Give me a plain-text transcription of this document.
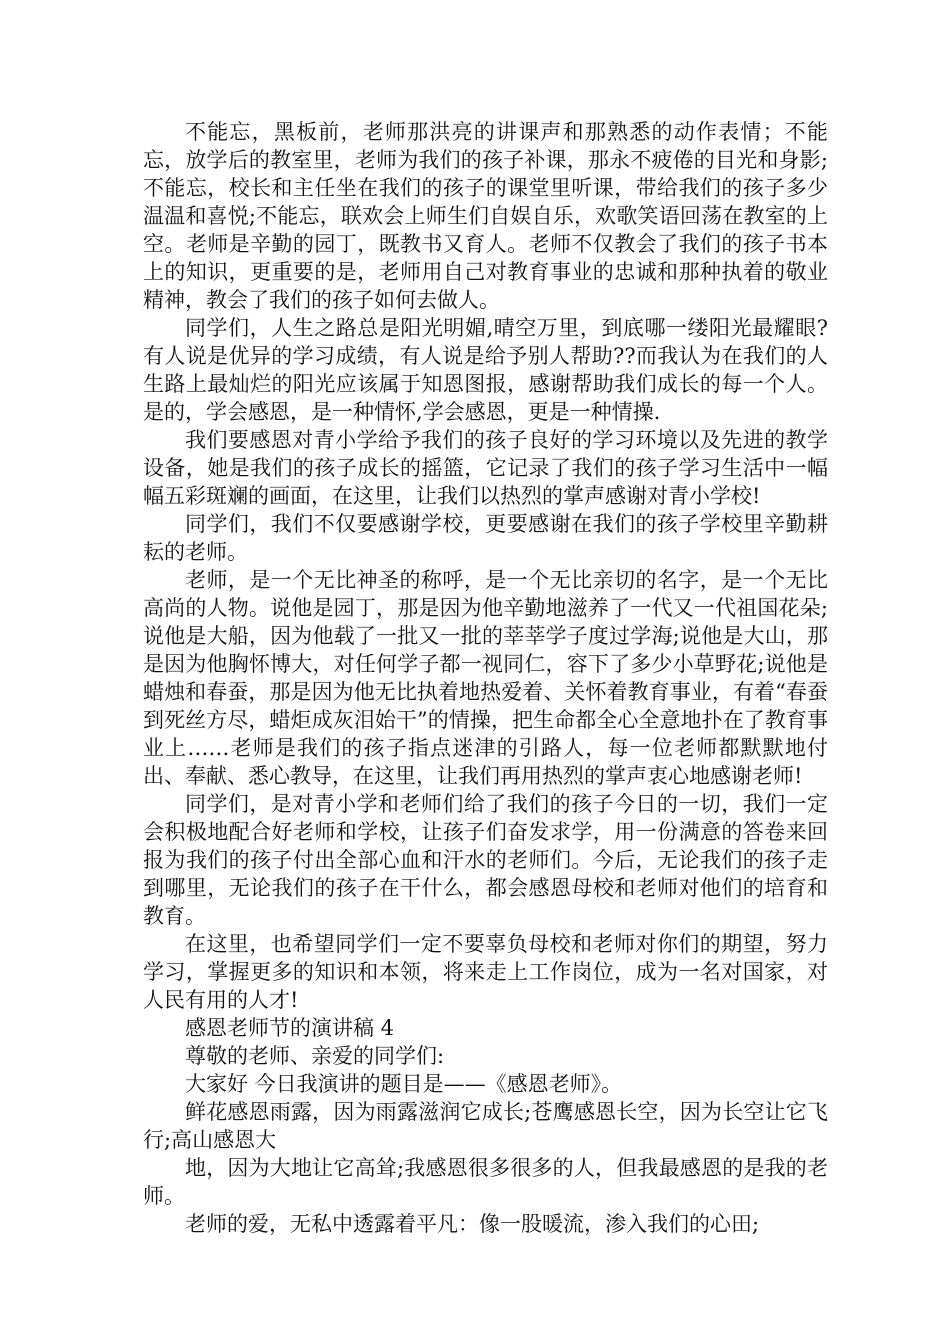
不能忘，黑板前，老师那洪亮的讲课声和那熟悉的动作表情；不能忘，放学后的教室里，老师为我们的孩子补课，那永不疲倦的目光和身影;不能忘，校长和主任坐在我们的孩子的课堂里听课，带给我们的孩子多少温温和喜悦;不能忘，联欢会上师生们自娱自乐，欢歌笑语回荡在教室的上空。老师是辛勤的园丁，既教书又育人。老师不仅教会了我们的孩子书本上的知识，更重要的是，老师用自己对教育事业的忠诚和那种执着的敬业精神，教会了我们的孩子如何去做人。

同学们，人生之路总是阳光明媚,晴空万里，到底哪一缕阳光最耀眼?有人说是优异的学习成绩，有人说是给予别人帮助??而我认为在我们的人生路上最灿烂的阳光应该属于知恩图报，感谢帮助我们成长的每一个人。是的，学会感恩，是一种情怀,学会感恩，更是一种情操.

我们要感恩对青小学给予我们的孩子良好的学习环境以及先进的教学设备，她是我们的孩子成长的摇篮，它记录了我们的孩子学习生活中一幅幅五彩斑斓的画面，在这里，让我们以热烈的掌声感谢对青小学校!

同学们，我们不仅要感谢学校，更要感谢在我们的孩子学校里辛勤耕耘的老师。

老师，是一个无比神圣的称呼，是一个无比亲切的名字，是一个无比高尚的人物。说他是园丁，那是因为他辛勤地滋养了一代又一代祖国花朵;说他是大船，因为他载了一批又一批的莘莘学子度过学海;说他是大山，那是因为他胸怀博大，对任何学子都一视同仁，容下了多少小草野花;说他是蜡烛和春蚕，那是因为他无比执着地热爱着、关怀着教育事业，有着“春蚕到死丝方尽，蜡炬成灰泪始干”的情操，把生命都全心全意地扑在了教育事业上……老师是我们的孩子指点迷津的引路人，每一位老师都默默地付出、奉献、悉心教导，在这里，让我们再用热烈的掌声衷心地感谢老师!

同学们，是对青小学和老师们给了我们的孩子今日的一切，我们一定会积极地配合好老师和学校，让孩子们奋发求学，用一份满意的答卷来回报为我们的孩子付出全部心血和汗水的老师们。今后，无论我们的孩子走到哪里，无论我们的孩子在干什么，都会感恩母校和老师对他们的培育和教育。

在这里，也希望同学们一定不要辜负母校和老师对你们的期望，努力学习，掌握更多的知识和本领，将来走上工作岗位，成为一名对国家，对人民有用的人才!

感恩老师节的演讲稿 4

尊敬的老师、亲爱的同学们:

大家好 今日我演讲的题目是——《感恩老师》。

鲜花感恩雨露，因为雨露滋润它成长;苍鹰感恩长空，因为长空让它飞行;高山感恩大

地，因为大地让它高耸;我感恩很多很多的人，但我最感恩的是我的老师。

老师的爱，无私中透露着平凡：像一股暖流，渗入我们的心田;
